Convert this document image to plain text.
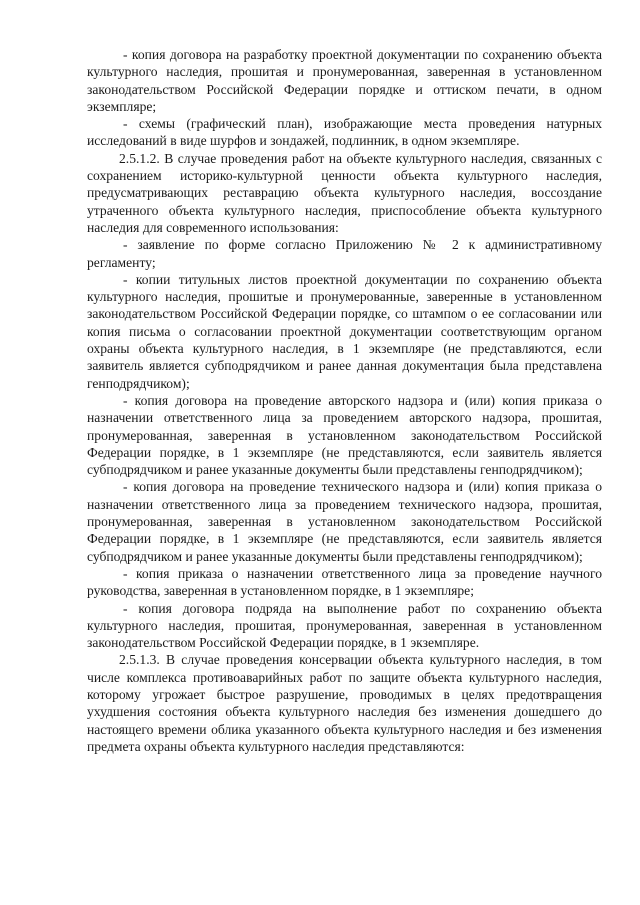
- копия договора на разработку проектной документации по сохранению объекта культурного наследия, прошитая и пронумерованная, заверенная в установленном законодательством Российской Федерации порядке и оттиском печати, в одном экземпляре;

- схемы (графический план), изображающие места проведения натурных исследований в виде шурфов и зондажей, подлинник, в одном экземпляре.

2.5.1.2. В случае проведения работ на объекте культурного наследия, связанных с сохранением историко-культурной ценности объекта культурного наследия, предусматривающих реставрацию объекта культурного наследия, воссоздание утраченного объекта культурного наследия, приспособление объекта культурного наследия для современного использования:

- заявление по форме согласно Приложению № 2 к административному регламенту;

- копии титульных листов проектной документации по сохранению объекта культурного наследия, прошитые и пронумерованные, заверенные в установленном законодательством Российской Федерации порядке, со штампом о ее согласовании или копия письма о согласовании проектной документации соответствующим органом охраны объекта культурного наследия, в 1 экземпляре (не представляются, если заявитель является субподрядчиком и ранее данная документация была представлена генподрядчиком);

- копия договора на проведение авторского надзора и (или) копия приказа о назначении ответственного лица за проведением авторского надзора, прошитая, пронумерованная, заверенная в установленном законодательством Российской Федерации порядке, в 1 экземпляре (не представляются, если заявитель является субподрядчиком и ранее указанные документы были представлены генподрядчиком);

- копия договора на проведение технического надзора и (или) копия приказа о назначении ответственного лица за проведением технического надзора, прошитая, пронумерованная, заверенная в установленном законодательством Российской Федерации порядке, в 1 экземпляре (не представляются, если заявитель является субподрядчиком и ранее указанные документы были представлены генподрядчиком);

- копия приказа о назначении ответственного лица за проведение научного руководства, заверенная в установленном порядке, в 1 экземпляре;

- копия договора подряда на выполнение работ по сохранению объекта культурного наследия, прошитая, пронумерованная, заверенная в установленном законодательством Российской Федерации порядке, в 1 экземпляре.

2.5.1.3. В случае проведения консервации объекта культурного наследия, в том числе комплекса противоаварийных работ по защите объекта культурного наследия, которому угрожает быстрое разрушение, проводимых в целях предотвращения ухудшения состояния объекта культурного наследия без изменения дошедшего до настоящего времени облика указанного объекта культурного наследия и без изменения предмета охраны объекта культурного наследия представляются:
